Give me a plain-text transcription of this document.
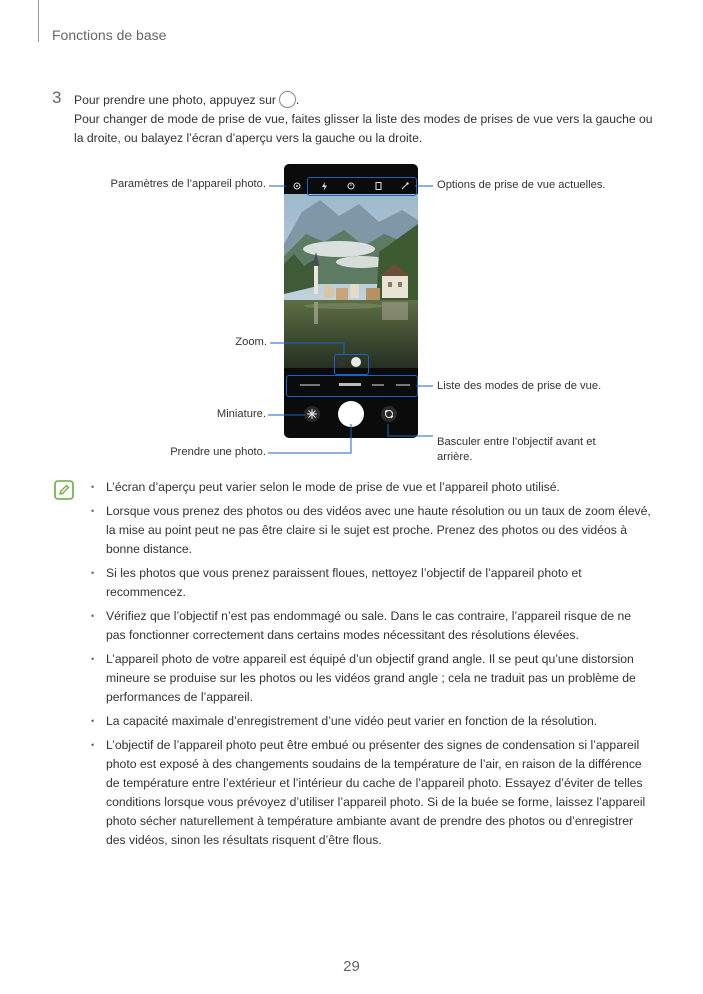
Fonctions de base
3 Pour prendre une photo, appuyez sur .
Pour changer de mode de prise de vue, faites glisser la liste des modes de prises de vue vers la gauche ou la droite, ou balayez l’écran d’aperçu vers la gauche ou la droite.
Paramètres de l’appareil photo.	Options de prise de vue actuelles.
Zoom.
Liste des modes de prise de vue.
Miniature.
Prendre une photo.
Basculer entre l’objectif avant et
arrière.
• L’écran d’aperçu peut varier selon le mode de prise de vue et l’appareil photo utilisé.
• Lorsque vous prenez des photos ou des vidéos avec une haute résolution ou un taux de zoom élevé, la mise au point peut ne pas être claire si le sujet est proche. Prenez des photos ou des vidéos à bonne distance.
• Si les photos que vous prenez paraissent floues, nettoyez l’objectif de l’appareil photo et recommencez.
• Vérifiez que l’objectif n’est pas endommagé ou sale. Dans le cas contraire, l’appareil risque de ne pas fonctionner correctement dans certains modes nécessitant des résolutions élevées.
• L’appareil photo de votre appareil est équipé d’un objectif grand angle. Il se peut qu’une distorsion mineure se produise sur les photos ou les vidéos grand angle ; cela ne traduit pas un problème de performances de l’appareil.
• La capacité maximale d’enregistrement d’une vidéo peut varier en fonction de la résolution.
• L’objectif de l’appareil photo peut être embué ou présenter des signes de condensation si l’appareil photo est exposé à des changements soudains de la température de l’air, en raison de la différence de température entre l’extérieur et l’intérieur du cache de l’appareil photo. Essayez d’éviter de telles conditions lorsque vous prévoyez d’utiliser l’appareil photo. Si de la buée se forme, laissez l’appareil photo sécher naturellement à température ambiante avant de prendre des photos ou d’enregistrer des vidéos, sinon les résultats risquent d’être flous.
29
